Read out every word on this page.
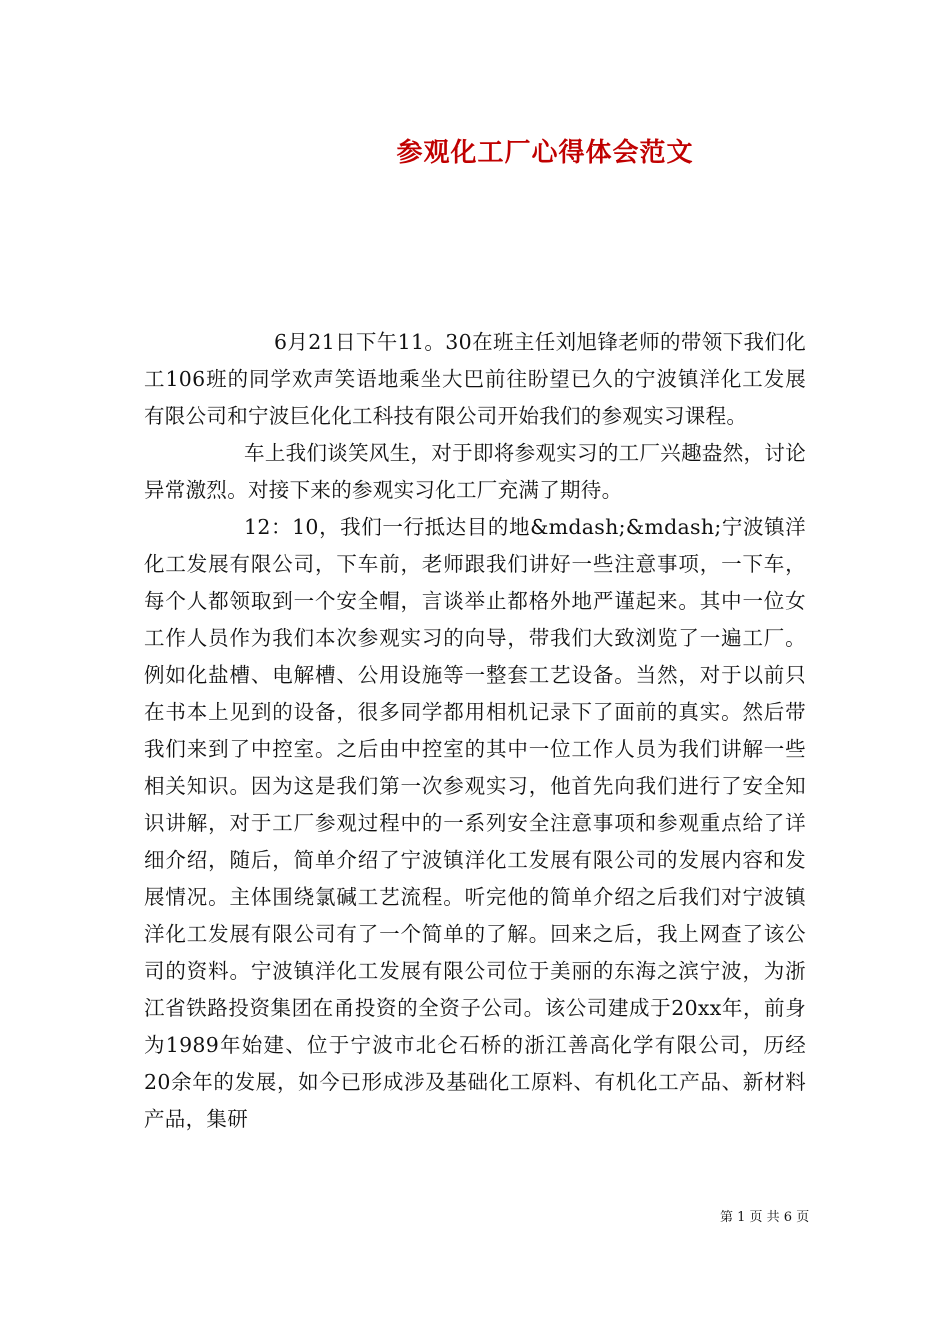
参观化工厂心得体会范文

6月21日下午11。30在班主任刘旭锋老师的带领下我们化工106班的同学欢声笑语地乘坐大巴前往盼望已久的宁波镇洋化工发展有限公司和宁波巨化化工科技有限公司开始我们的参观实习课程。

车上我们谈笑风生，对于即将参观实习的工厂兴趣盎然，讨论异常激烈。对接下来的参观实习化工厂充满了期待。

12：10，我们一行抵达目的地&mdash;&mdash;宁波镇洋化工发展有限公司，下车前，老师跟我们讲好一些注意事项，一下车，每个人都领取到一个安全帽，言谈举止都格外地严谨起来。其中一位女工作人员作为我们本次参观实习的向导，带我们大致浏览了一遍工厂。例如化盐槽、电解槽、公用设施等一整套工艺设备。当然，对于以前只在书本上见到的设备，很多同学都用相机记录下了面前的真实。然后带我们来到了中控室。之后由中控室的其中一位工作人员为我们讲解一些相关知识。因为这是我们第一次参观实习，他首先向我们进行了安全知识讲解，对于工厂参观过程中的一系列安全注意事项和参观重点给了详细介绍，随后，简单介绍了宁波镇洋化工发展有限公司的发展内容和发展情况。主体围绕氯碱工艺流程。听完他的简单介绍之后我们对宁波镇洋化工发展有限公司有了一个简单的了解。回来之后，我上网查了该公司的资料。宁波镇洋化工发展有限公司位于美丽的东海之滨宁波，为浙江省铁路投资集团在甬投资的全资子公司。该公司建成于20xx年，前身为1989年始建、位于宁波市北仑石桥的浙江善高化学有限公司，历经20余年的发展，如今已形成涉及基础化工原料、有机化工产品、新材料产品，集研

第 1 页 共 6 页
